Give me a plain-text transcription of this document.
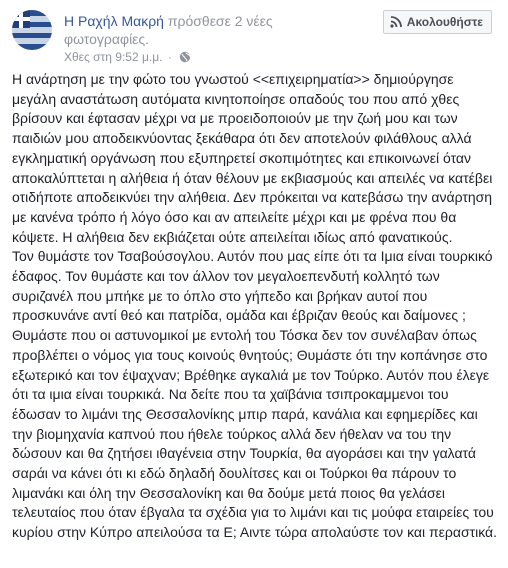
Η Ραχήλ Μακρή πρόσθεσε 2 νέες φωτογραφίες.
Χθες στη 9:52 μ.μ. ·
Ακολουθήστε
Η ανάρτηση με την φώτο του γνωστού <<επιχειρηματία>> δημιούργησε μεγάλη αναστάτωση αυτόματα κινητοποίησε οπαδούς του που από χθες βρίσουν και έφτασαν μέχρι να με προειδοποιούν με την ζωή μου και των παιδιών μου αποδεικνύοντας ξεκάθαρα ότι δεν αποτελούν φιλάθλους αλλά εγκληματική οργάνωση που εξυπηρετεί σκοπιμότητες και επικοινωνεί όταν αποκαλύπτεται η αλήθεια ή όταν θέλουν με εκβιασμούς και απειλές να κατέβει οτιδήποτε αποδεικνύει την αλήθεια. Δεν πρόκειται να κατεβάσω την ανάρτηση με κανένα τρόπο ή λόγο όσο και αν απειλείτε μέχρι και με φρένα που θα κόψετε. Η αλήθεια δεν εκβιάζεται ούτε απειλείται ιδίως από φανατικούς.
Τον θυμάστε τον Τσαβούσογλου. Αυτόν που μας είπε ότι τα Ιμια είναι τουρκικό έδαφος. Τον θυμάστε και τον άλλον τον μεγαλοεπενδυτή κολλητό των συριζανέλ που μπήκε με το όπλο στο γήπεδο και βρήκαν αυτοί που προσκυνάνε αντί θεό και πατρίδα, ομάδα και έβριζαν θεούς και δαίμονες ; Θυμάστε που οι αστυνομικοί με εντολή του Τόσκα δεν τον συνέλαβαν όπως προβλέπει ο νόμος για τους κοινούς θνητούς; Θυμάστε ότι την κοπάνησε στο εξωτερικό και τον έψαχναν; Βρέθηκε αγκαλιά με τον Τούρκο. Αυτόν που έλεγε ότι τα ιμια είναι τουρκικά. Να δείτε που τα χαϊβάνια τσιπροκαμμενοι του έδωσαν το λιμάνι της Θεσσαλονίκης μπιρ παρά, κανάλια και εφημερίδες και την βιομηχανία καπνού που ήθελε τούρκος αλλά δεν ήθελαν να του την δώσουν και θα ζητήσει ιθαγένεια στην Τουρκία, θα αγοράσει και την γαλατά σαράι να κάνει ότι κι εδώ δηλαδή δουλίτσες και οι Τούρκοι θα πάρουν το λιμανάκι και όλη την Θεσσαλονίκη και θα δούμε μετά ποιος θα γελάσει τελευταίος που όταν έβγαλα τα σχέδια για το λιμάνι και τις μούφα εταιρείες του κυρίου στην Κύπρο απειλούσα τα Ε; Αιντε τώρα απολαύστε τον και περαστικά.
